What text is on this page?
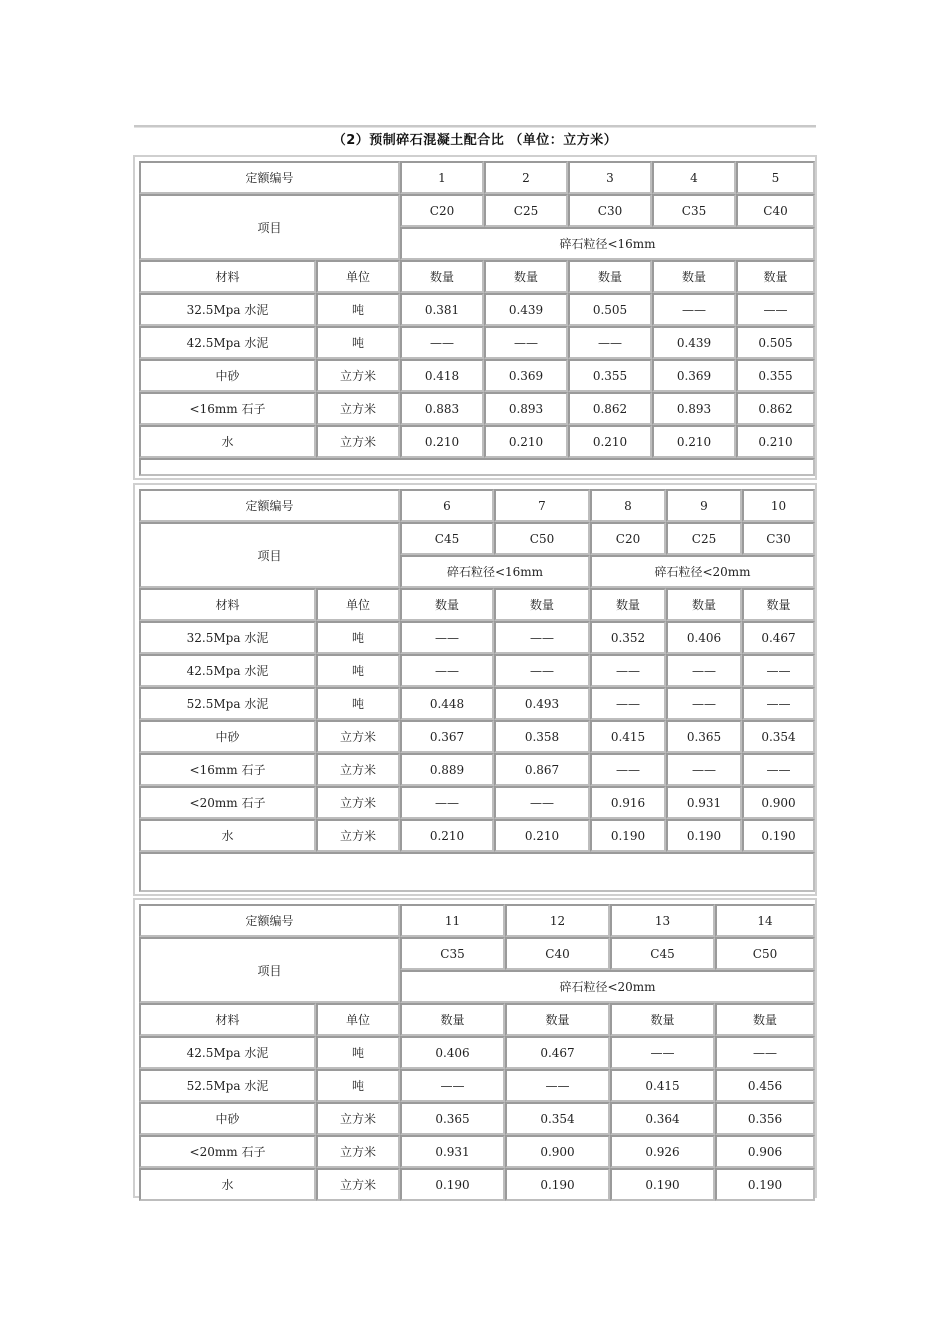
（2）预制碎石混凝土配合比 （单位：立方米）
定额编号	1	2	3	4	5
项目
C20	C25	C30	C35	C40
碎石粒径<16mm
材料	单位	数量	数量	数量	数量	数量
32.5Mpa 水泥	吨	0.381	0.439	0.505	——	——
42.5Mpa 水泥	吨	——	——	——	0.439	0.505
中砂	立方米	0.418	0.369	0.355	0.369	0.355
<16mm 石子	立方米	0.883	0.893	0.862	0.893	0.862
水	立方米	0.210	0.210	0.210	0.210	0.210
定额编号	6	7	8	9	10
项目
C45	C50	C20	C25	C30
碎石粒径<16mm	碎石粒径<20mm
材料	单位	数量	数量	数量	数量	数量
32.5Mpa 水泥	吨	——	——	0.352	0.406	0.467
42.5Mpa 水泥	吨	——	——	——	——	——
52.5Mpa 水泥	吨	0.448	0.493	——	——	——
中砂	立方米	0.367	0.358	0.415	0.365	0.354
<16mm 石子	立方米	0.889	0.867	——	——	——
<20mm 石子	立方米	——	——	0.916	0.931	0.900
水	立方米	0.210	0.210	0.190	0.190	0.190
定额编号	11	12	13	14
项目
C35	C40	C45	C50
碎石粒径<20mm
材料	单位	数量	数量	数量	数量
42.5Mpa 水泥	吨	0.406	0.467	——	——
52.5Mpa 水泥	吨	——	——	0.415	0.456
中砂	立方米	0.365	0.354	0.364	0.356
<20mm 石子	立方米	0.931	0.900	0.926	0.906
水	立方米	0.190	0.190	0.190	0.190
